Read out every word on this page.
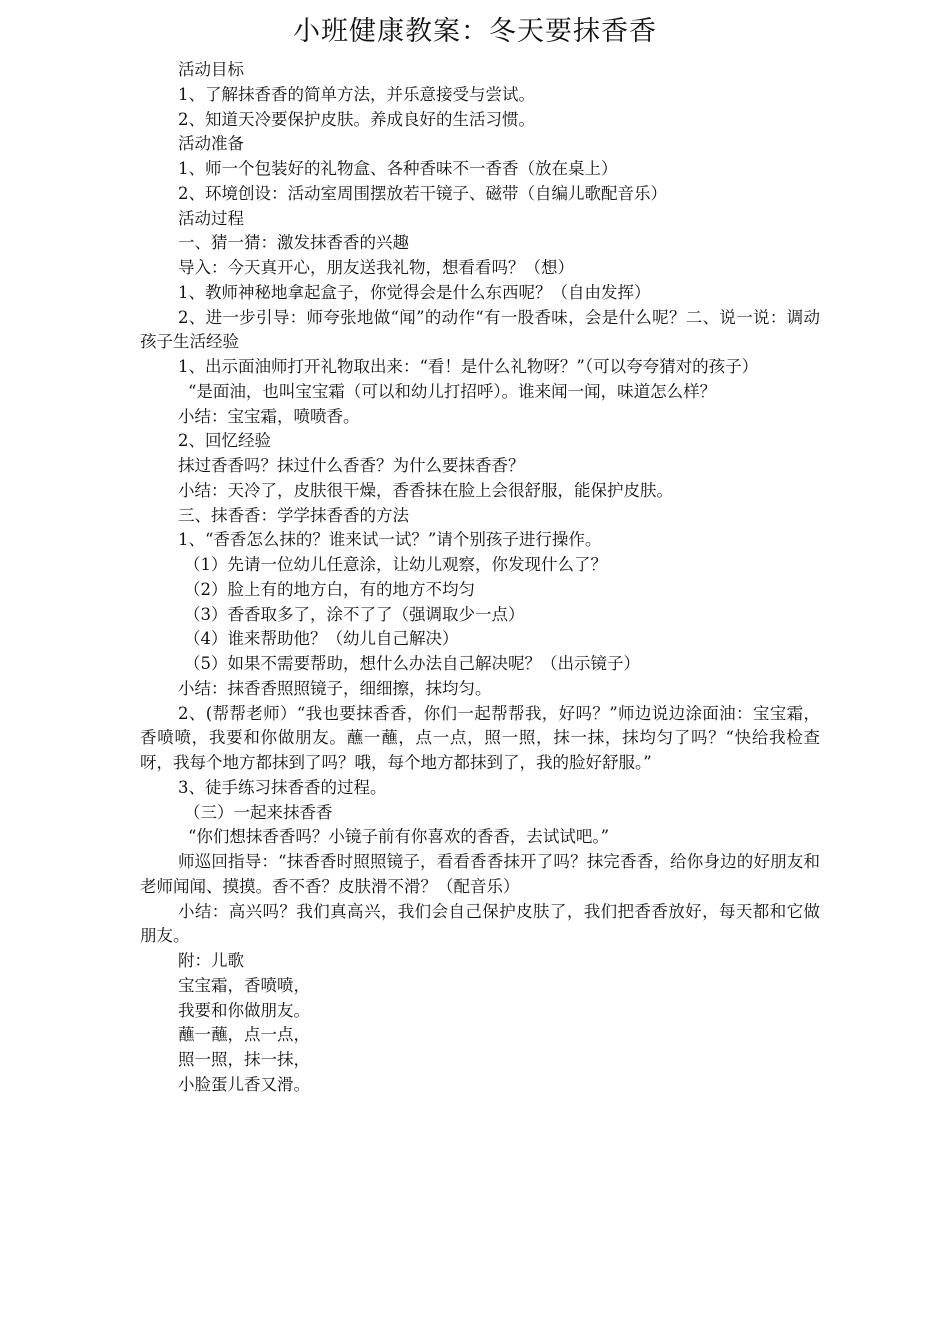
小班健康教案：冬天要抹香香

活动目标

1、了解抹香香的简单方法，并乐意接受与尝试。

2、知道天冷要保护皮肤。养成良好的生活习惯。

活动准备

1、师一个包装好的礼物盒、各种香味不一香香（放在桌上）

2、环境创设：活动室周围摆放若干镜子、磁带（自编儿歌配音乐）

活动过程

一、猜一猜：激发抹香香的兴趣

导入：今天真开心，朋友送我礼物，想看看吗？（想）

1、教师神秘地拿起盒子，你觉得会是什么东西呢？（自由发挥）

2、进一步引导：师夸张地做“闻”的动作“有一股香味，会是什么呢？二、说一说：调动孩子生活经验

1、出示面油师打开礼物取出来：“看！是什么礼物呀？”（可以夸夸猜对的孩子）

“是面油，也叫宝宝霜（可以和幼儿打招呼）。谁来闻一闻，味道怎么样？

小结：宝宝霜，喷喷香。

2、回忆经验

抹过香香吗？抹过什么香香？为什么要抹香香？

小结：天冷了，皮肤很干燥，香香抹在脸上会很舒服，能保护皮肤。

三、抹香香：学学抹香香的方法

1、“香香怎么抹的？谁来试一试？”请个别孩子进行操作。

（1）先请一位幼儿任意涂，让幼儿观察，你发现什么了？

（2）脸上有的地方白，有的地方不均匀

（3）香香取多了，涂不了了（强调取少一点）

（4）谁来帮助他？（幼儿自己解决）

（5）如果不需要帮助，想什么办法自己解决呢？（出示镜子）

小结：抹香香照照镜子，细细擦，抹均匀。

2、(帮帮老师）“我也要抹香香，你们一起帮帮我，好吗？”师边说边涂面油：宝宝霜，香喷喷，我要和你做朋友。蘸一蘸，点一点，照一照，抹一抹，抹均匀了吗？“快给我检查呀，我每个地方都抹到了吗？哦，每个地方都抹到了，我的脸好舒服。”

3、徒手练习抹香香的过程。

（三）一起来抹香香

“你们想抹香香吗？小镜子前有你喜欢的香香，去试试吧。”

师巡回指导：“抹香香时照照镜子，看看香香抹开了吗？抹完香香，给你身边的好朋友和老师闻闻、摸摸。香不香？皮肤滑不滑？（配音乐）

小结：高兴吗？我们真高兴，我们会自己保护皮肤了，我们把香香放好，每天都和它做朋友。

附：儿歌

宝宝霜，香喷喷，

我要和你做朋友。

蘸一蘸，点一点，

照一照，抹一抹，

小脸蛋儿香又滑。
